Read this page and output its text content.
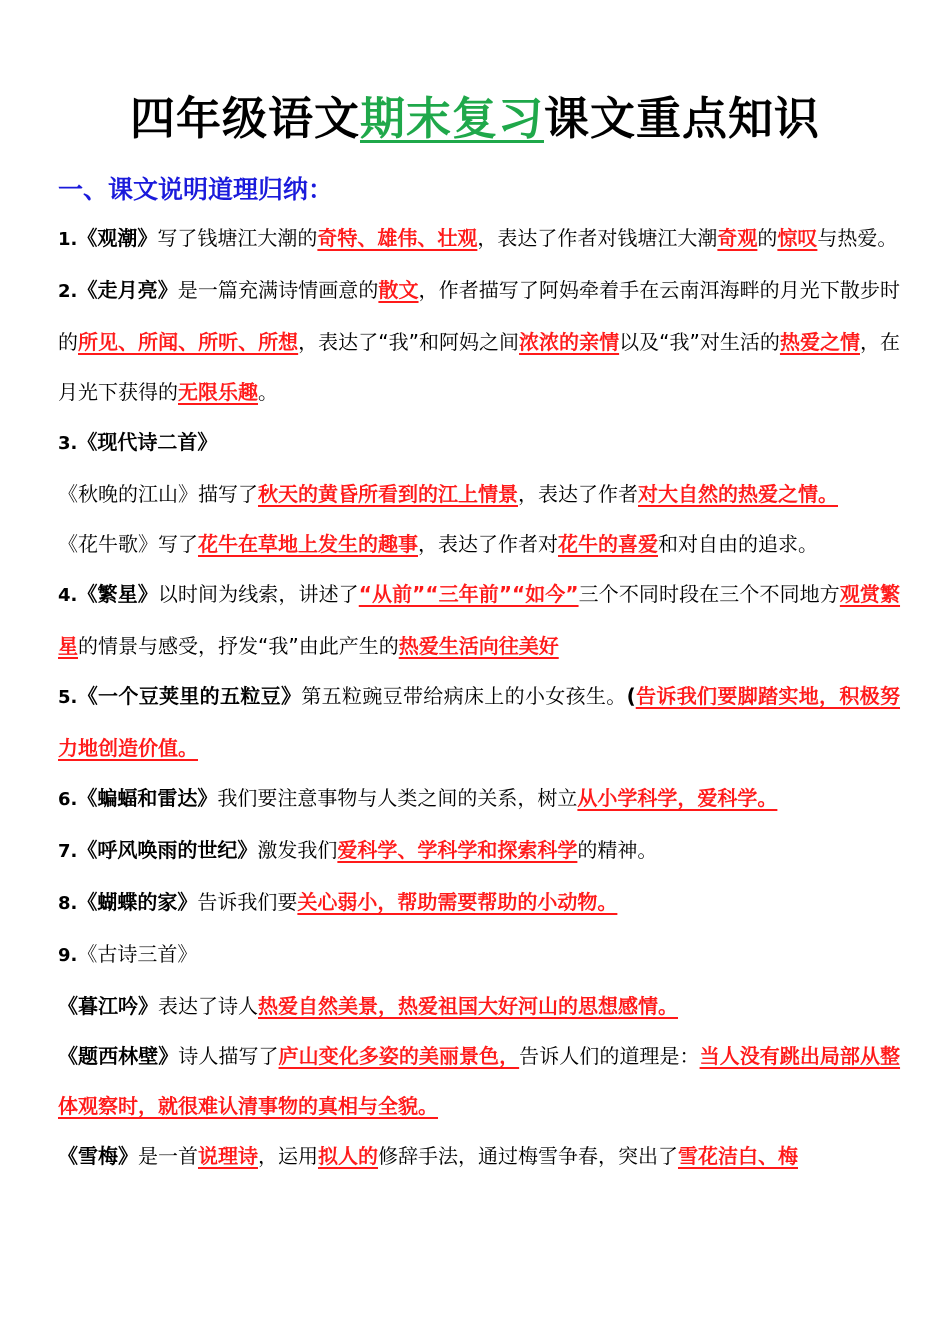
四年级语文期末复习课文重点知识
一、课文说明道理归纳：

1.《观潮》写了钱塘江大潮的奇特、雄伟、壮观，表达了作者对钱塘江大潮奇观的惊叹与热爱。

2.《走月亮》是一篇充满诗情画意的散文，作者描写了阿妈牵着手在云南洱海畔的月光下散步时的所见、所闻、所听、所想，表达了“我”和阿妈之间浓浓的亲情以及“我”对生活的热爱之情，在月光下获得的无限乐趣。

3.《现代诗二首》

《秋晚的江山》描写了秋天的黄昏所看到的江上情景，表达了作者对大自然的热爱之情。

《花牛歌》写了花牛在草地上发生的趣事，表达了作者对花牛的喜爱和对自由的追求。

4.《繁星》以时间为线索，讲述了“从前”“三年前”“如今”三个不同时段在三个不同地方观赏繁星的情景与感受，抒发“我”由此产生的热爱生活向往美好

5.《一个豆荚里的五粒豆》第五粒豌豆带给病床上的小女孩生。(告诉我们要脚踏实地，积极努力地创造价值。

6.《蝙蝠和雷达》我们要注意事物与人类之间的关系，树立从小学科学，爱科学。

7.《呼风唤雨的世纪》激发我们爱科学、学科学和探索科学的精神。

8.《蝴蝶的家》告诉我们要关心弱小，帮助需要帮助的小动物。

9.《古诗三首》

《暮江吟》表达了诗人热爱自然美景，热爱祖国大好河山的思想感情。

《题西林壁》诗人描写了庐山变化多姿的美丽景色，告诉人们的道理是：当人没有跳出局部从整体观察时，就很难认清事物的真相与全貌。

《雪梅》是一首说理诗，运用拟人的修辞手法，通过梅雪争春，突出了雪花洁白、梅
